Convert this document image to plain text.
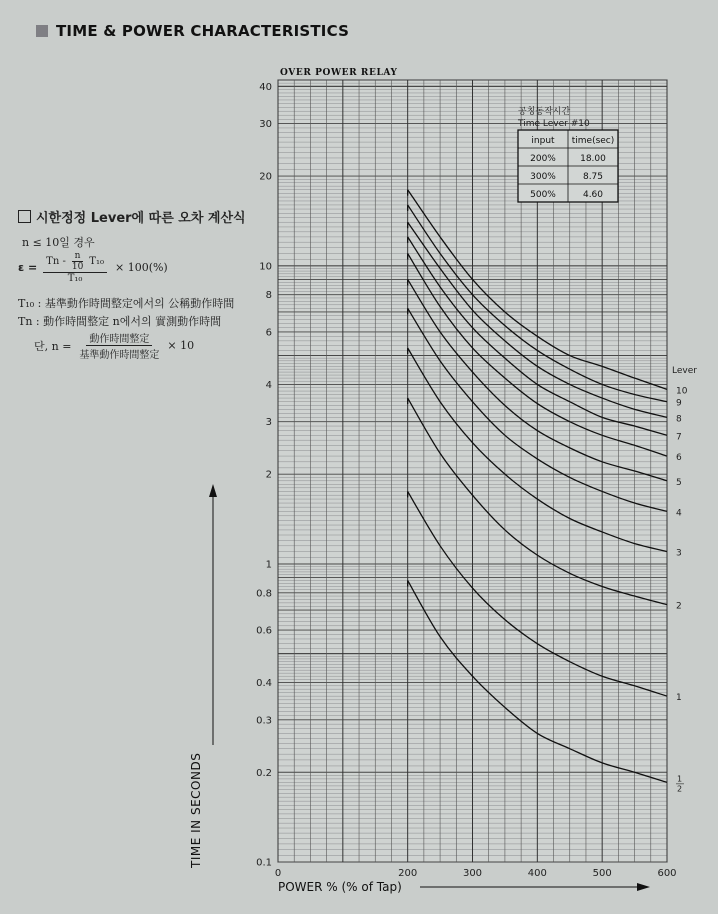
TIME & POWER CHARACTERISTICS
시한정정 Lever에 따른 오차 계산식
n ≤ 10일 경우
$\varepsilon = \frac{Tn - \frac{n}{10} T_{10}}{\text{T₁₀}} \times 100(\%)$
T₁₀ : 基準動作時間整定에서의 公稱動作時間
Tn : 動作時間整定 n에서의 實測動作時間
단, $n = \frac{\text{動作時間整定}}{\text{基準動作時間整定}} \times 10$
OVER POWER RELAY
0.1
0.2
0.3
0.4
0.6
0.8
1
2
3
4
6
8
10
20
30
40
0	200	300	400	500	600
POWER % (% of Tap)
Lever
10
9
8
7
6
5
4
3
2
1
1
2
공칭동작시간
Time Lever #10
input time(sec)
200%	18.00
300%	8.75
500%	4.60
TIME IN SECONDS
